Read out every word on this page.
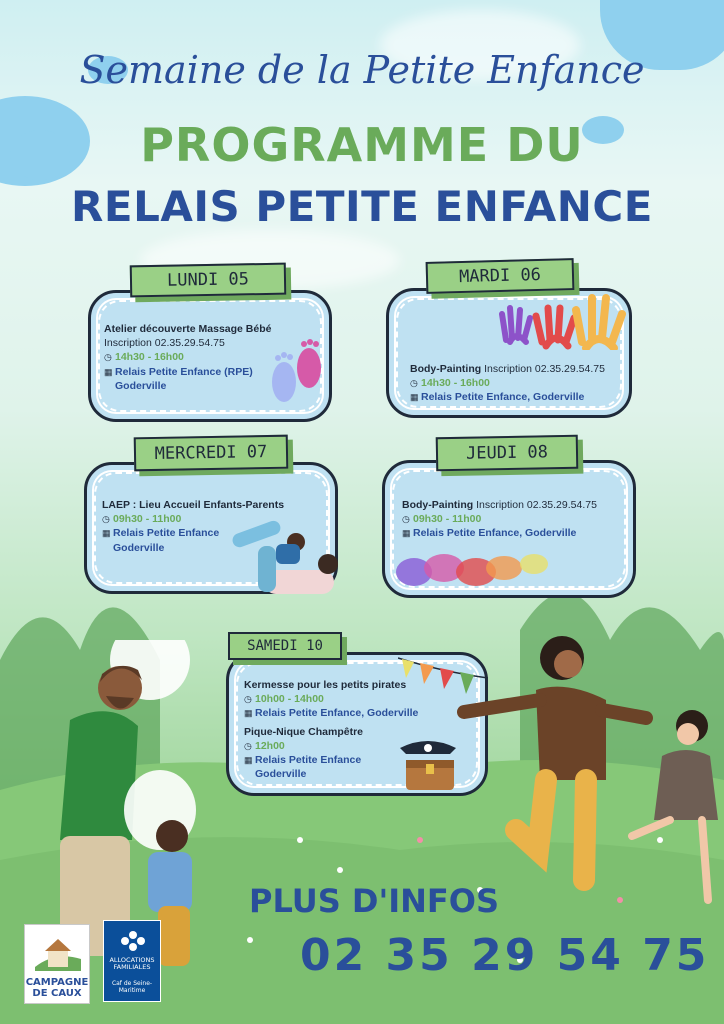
Semaine de la Petite Enfance
PROGRAMME DU
RELAIS PETITE ENFANCE
LUNDI 05
Atelier découverte Massage Bébé
Inscription 02.35.29.54.75
◷ 14h30 - 16h00
▦ Relais Petite Enfance (RPE)
Goderville
MARDI 06
Body-Painting Inscription 02.35.29.54.75
◷ 14h30 - 16h00
▦ Relais Petite Enfance, Goderville
MERCREDI 07
LAEP : Lieu Accueil Enfants-Parents
◷ 09h30 - 11h00
▦ Relais Petite Enfance
Goderville
JEUDI 08
Body-Painting Inscription 02.35.29.54.75
◷ 09h30 - 11h00
▦ Relais Petite Enfance, Goderville
SAMEDI 10
Kermesse pour les petits pirates
◷ 10h00 - 14h00
▦ Relais Petite Enfance, Goderville
Pique-Nique Champêtre
◷ 12h00
▦ Relais Petite Enfance
Goderville
PLUS D'INFOS
02 35 29 54 75
CAMPAGNE DE CAUX
ALLOCATIONS FAMILIALES
Caf de Seine-Maritime
